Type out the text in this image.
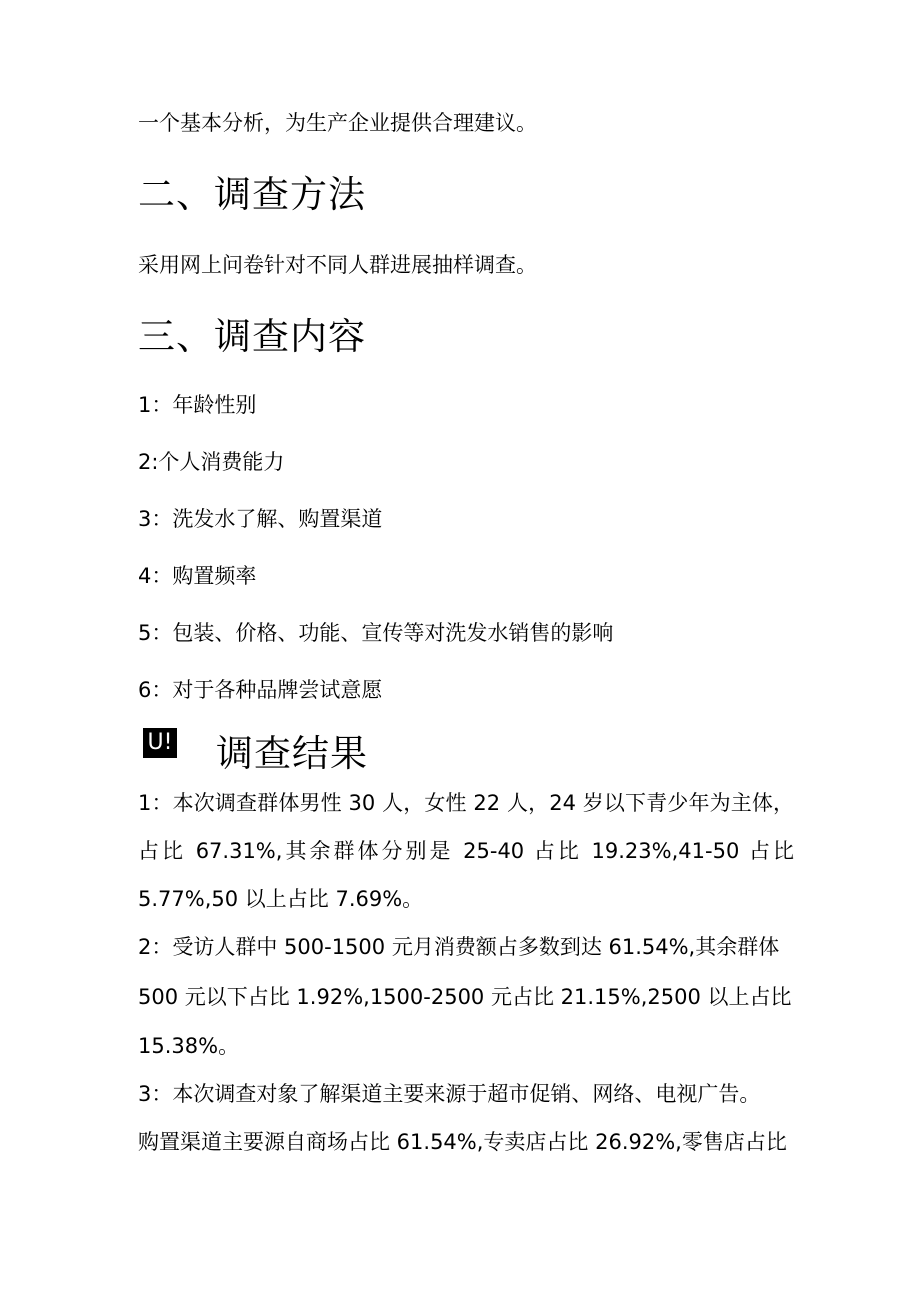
一个基本分析，为生产企业提供合理建议。
二、调查方法
采用网上问卷针对不同人群进展抽样调查。
三、调查内容
1：年龄性别
2:个人消费能力
3：洗发水了解、购置渠道
4：购置频率
5：包装、价格、功能、宣传等对洗发水销售的影响
6：对于各种品牌尝试意愿
U! 调查结果
1：本次调查群体男性 30 人，女性 22 人，24 岁以下青少年为主体，
占比 67.31%,其余群体分别是 25-40 占比 19.23%,41-50 占比
5.77%,50 以上占比 7.69%。
2：受访人群中 500-1500 元月消费额占多数到达 61.54%,其余群体
500 元以下占比 1.92%,1500-2500 元占比 21.15%,2500 以上占比
15.38%。
3：本次调查对象了解渠道主要来源于超市促销、网络、电视广告。
购置渠道主要源自商场占比 61.54%,专卖店占比 26.92%,零售店占比
